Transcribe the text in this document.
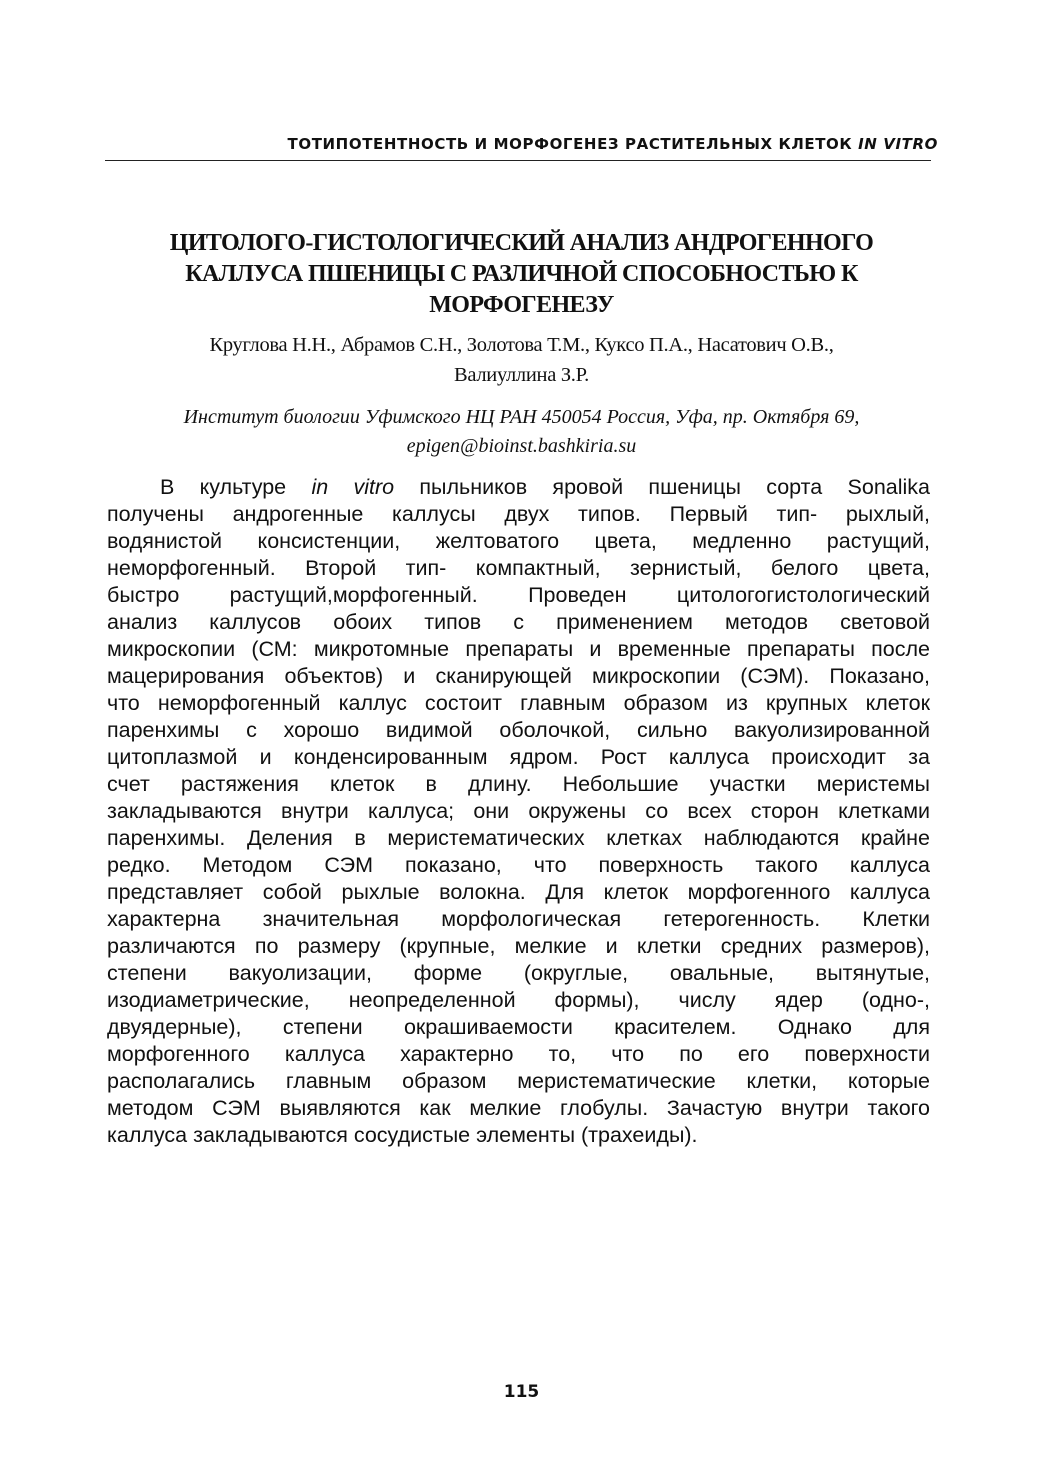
ТОТИПОТЕНТНОСТЬ И МОРФОГЕНЕЗ РАСТИТЕЛЬНЫХ КЛЕТОК IN VITRO
ЦИТОЛОГО-ГИСТОЛОГИЧЕСКИЙ АНАЛИЗ АНДРОГЕННОГО
КАЛЛУСА ПШЕНИЦЫ С РАЗЛИЧНОЙ СПОСОБНОСТЬЮ К
МОРФОГЕНЕЗУ
Круглова Н.Н., Абрамов С.Н., Золотова Т.М., Куксо П.А., Насатович О.В.,
Валиуллина З.Р.
Институт биологии Уфимского НЦ РАН 450054 Россия, Уфа, пр. Октября 69,
epigen@bioinst.bashkiria.su
В культуре in vitro пыльников яровой пшеницы сорта Sonalika
получены андрогенные каллусы двух типов. Первый тип- рыхлый,
водянистой консистенции, желтоватого цвета, медленно растущий,
неморфогенный. Второй тип- компактный, зернистый, белого цвета,
быстро растущий,морфогенный. Проведен цитологогистологический
анализ каллусов обоих типов с применением методов световой
микроскопии (СМ: микротомные препараты и временные препараты после
мацерирования объектов) и сканирующей микроскопии (СЭМ). Показано,
что неморфогенный каллус состоит главным образом из крупных клеток
паренхимы с хорошо видимой оболочкой, сильно вакуолизированной
цитоплазмой и конденсированным ядром. Рост каллуса происходит за
счет растяжения клеток в длину. Небольшие участки меристемы
закладываются внутри каллуса; они окружены со всех сторон клетками
паренхимы. Деления в меристематических клетках наблюдаются крайне
редко. Методом СЭМ показано, что поверхность такого каллуса
представляет собой рыхлые волокна. Для клеток морфогенного каллуса
характерна значительная морфологическая гетерогенность. Клетки
различаются по размеру (крупные, мелкие и клетки средних размеров),
степени вакуолизации, форме (округлые, овальные, вытянутые,
изодиаметрические, неопределенной формы), числу ядер (одно-,
двуядерные), степени окрашиваемости красителем. Однако для
морфогенного каллуса характерно то, что по его поверхности
располагались главным образом меристематические клетки, которые
методом СЭМ выявляются как мелкие глобулы. Зачастую внутри такого
каллуса закладываются сосудистые элементы (трахеиды).
115
